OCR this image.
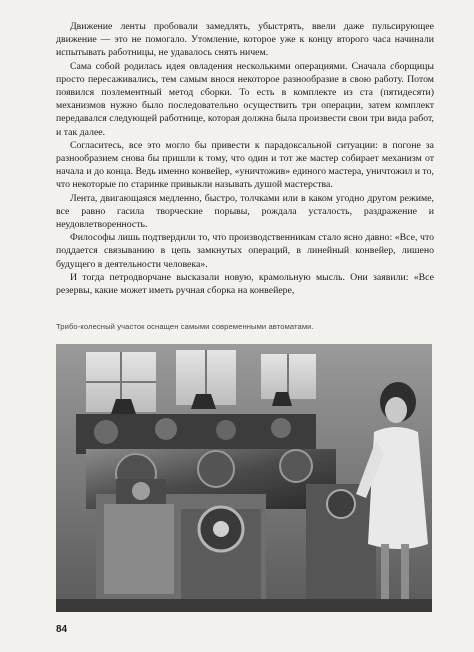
Движение ленты пробовали замедлять, убыстрять, ввели даже пульсирующее движение — это не помогало. Утомление, которое уже к концу второго часа начинали испытывать работницы, не удавалось снять ничем.

Сама собой родилась идея овладения несколькими операциями. Сначала сборщицы просто пересаживались, тем самым внося некоторое разнообразие в свою работу. Потом появился позлементный метод сборки. То есть в комплекте из ста (пятидесяти) механизмов нужно было последовательно осуществить три операции, затем комплект передавался следующей работнице, которая должна была произвести свои три вида работ, и так далее.

Согласитесь, все это могло бы привести к парадоксальной ситуации: в погоне за разнообразием снова бы пришли к тому, что один и тот же мастер собирает механизм от начала и до конца. Ведь именно конвейер, «уничтожив» единого мастера, уничтожил и то, что некоторые по старинке привыкли называть душой мастерства.

Лента, двигающаяся медленно, быстро, толчками или в каком угодно другом режиме, все равно гасила творческие порывы, рождала усталость, раздражение и неудовлетворенность.

Философы лишь подтвердили то, что производственникам стало ясно давно: «Все, что поддается связыванию в цепь замкнутых операций, в линейный конвейер, лишено будущего в деятельности человека».

И тогда петродворчане высказали новую, крамольную мысль. Они заявили: «Все резервы, какие может иметь ручная сборка на конвейере,

Трибо-колесный участок оснащен самыми современными автоматами.
84
